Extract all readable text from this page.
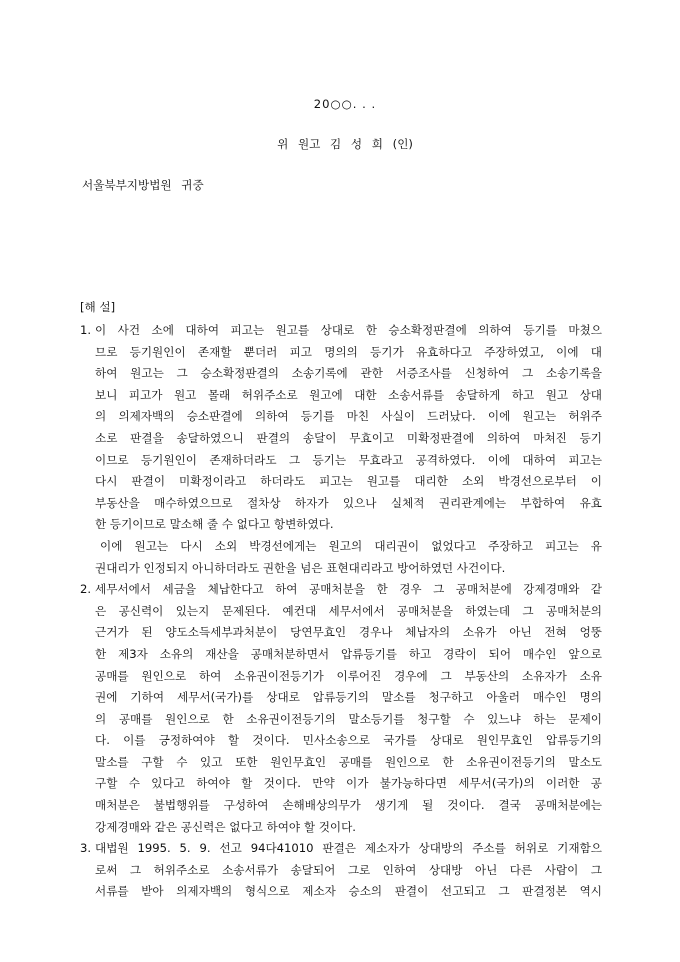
20○○. . .
위 원고 김 성 희 (인)
서울북부지방법원 귀중
[해 설]
1. 이 사건 소에 대하여 피고는 원고를 상대로 한 승소확정판결에 의하여 등기를 마쳤으
므로 등기원인이 존재할 뿐더러 피고 명의의 등기가 유효하다고 주장하였고, 이에 대
하여 원고는 그 승소확정판결의 소송기록에 관한 서증조사를 신청하여 그 소송기록을
보니 피고가 원고 몰래 허위주소로 원고에 대한 소송서류를 송달하게 하고 원고 상대
의 의제자백의 승소판결에 의하여 등기를 마친 사실이 드러났다. 이에 원고는 허위주
소로 판결을 송달하였으니 판결의 송달이 무효이고 미확정판결에 의하여 마쳐진 등기
이므로 등기원인이 존재하더라도 그 등기는 무효라고 공격하였다. 이에 대하여 피고는
다시 판결이 미확정이라고 하더라도 피고는 원고를 대리한 소외 박경선으로부터 이
부동산을 매수하였으므로 절차상 하자가 있으나 실체적 권리관계에는 부합하여 유효
한 등기이므로 말소해 줄 수 없다고 항변하였다.
이에 원고는 다시 소외 박경선에게는 원고의 대리권이 없었다고 주장하고 피고는 유
권대리가 인정되지 아니하더라도 권한을 넘은 표현대리라고 방어하였던 사건이다.
2. 세무서에서 세금을 체납한다고 하여 공매처분을 한 경우 그 공매처분에 강제경매와 같
은 공신력이 있는지 문제된다. 예컨대 세무서에서 공매처분을 하였는데 그 공매처분의
근거가 된 양도소득세부과처분이 당연무효인 경우나 체납자의 소유가 아닌 전혀 엉뚱
한 제3자 소유의 재산을 공매처분하면서 압류등기를 하고 경락이 되어 매수인 앞으로
공매를 원인으로 하여 소유권이전등기가 이루어진 경우에 그 부동산의 소유자가 소유
권에 기하여 세무서(국가)를 상대로 압류등기의 말소를 청구하고 아울러 매수인 명의
의 공매를 원인으로 한 소유권이전등기의 말소등기를 청구할 수 있느냐 하는 문제이
다. 이를 긍정하여야 할 것이다. 민사소송으로 국가를 상대로 원인무효인 압류등기의
말소를 구할 수 있고 또한 원인무효인 공매를 원인으로 한 소유권이전등기의 말소도
구할 수 있다고 하여야 할 것이다. 만약 이가 불가능하다면 세무서(국가)의 이러한 공
매처분은 불법행위를 구성하여 손해배상의무가 생기게 될 것이다. 결국 공매처분에는
강제경매와 같은 공신력은 없다고 하여야 할 것이다.
3. 대법원 1995. 5. 9. 선고 94다41010 판결은 제소자가 상대방의 주소를 허위로 기재함으
로써 그 허위주소로 소송서류가 송달되어 그로 인하여 상대방 아닌 다른 사람이 그
서류를 받아 의제자백의 형식으로 제소자 승소의 판결이 선고되고 그 판결정본 역시
